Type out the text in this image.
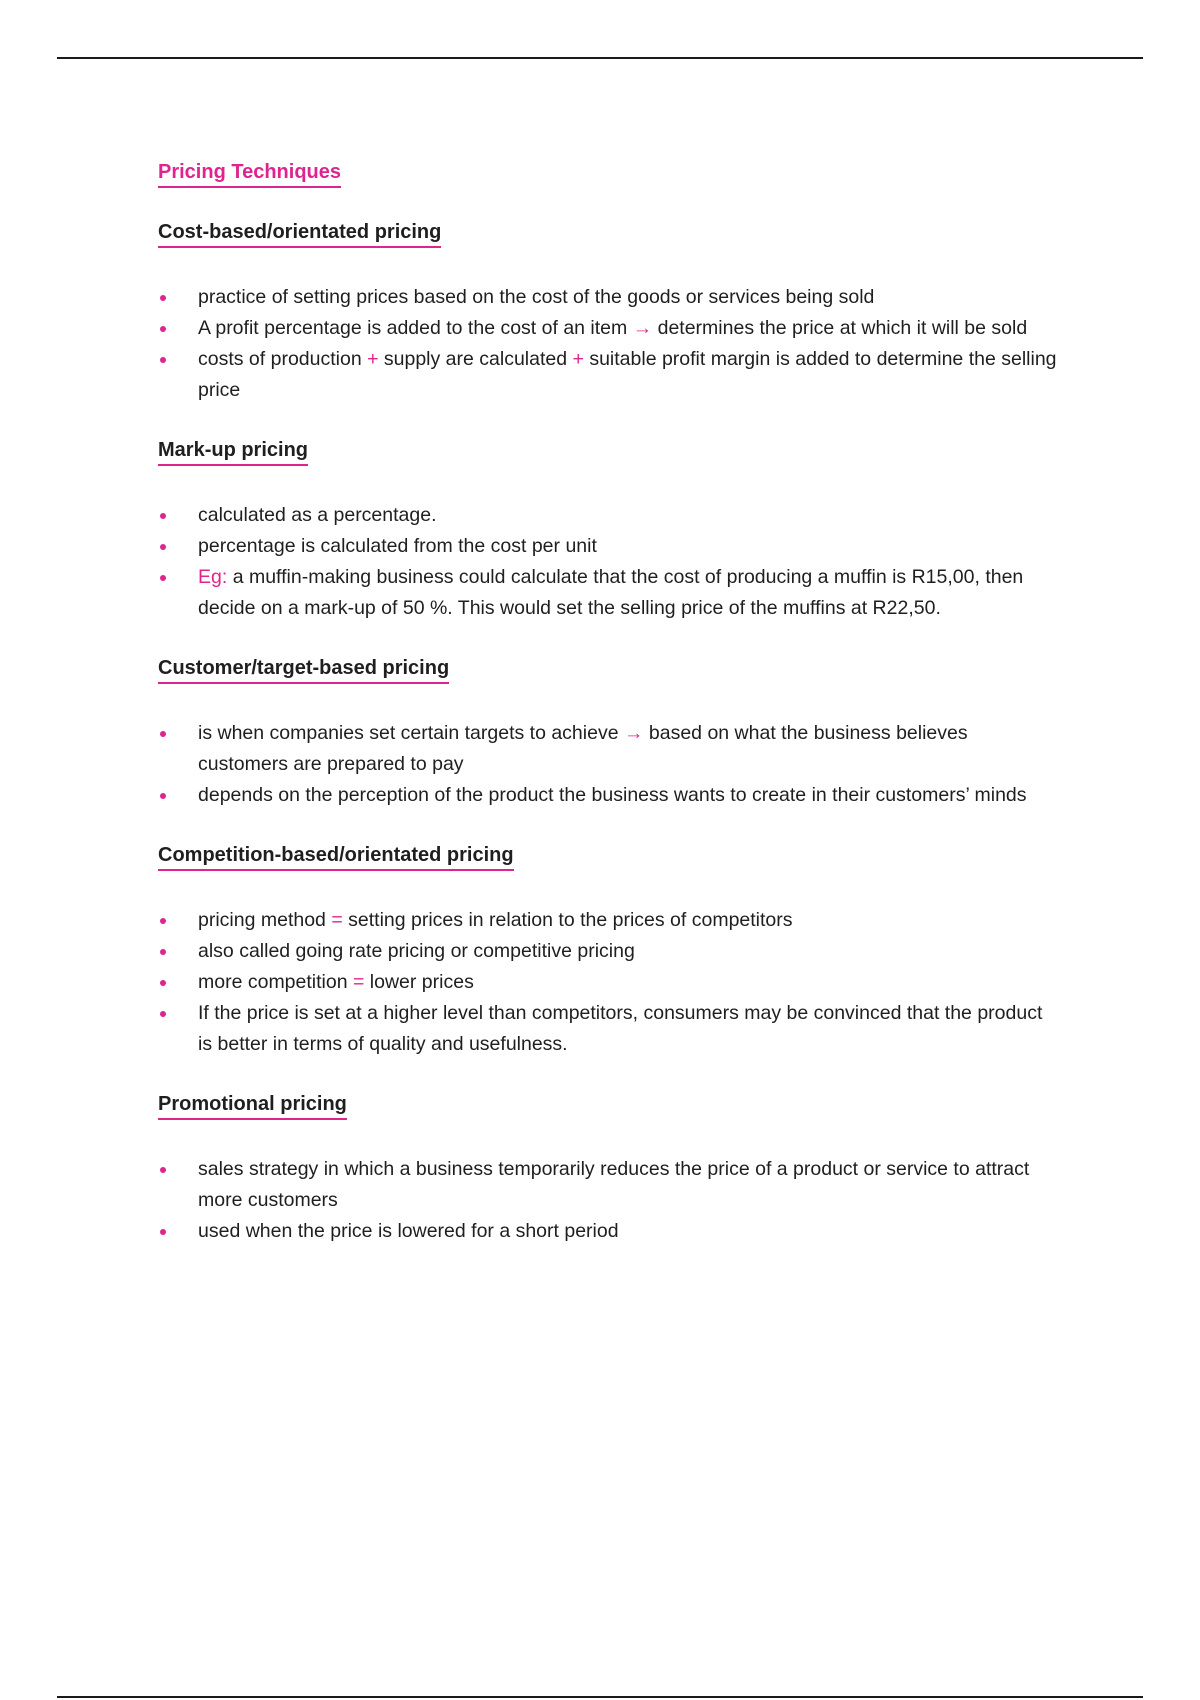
Pricing Techniques
Cost-based/orientated pricing
practice of setting prices based on the cost of the goods or services being sold
A profit percentage is added to the cost of an item → determines the price at which it will be sold
costs of production + supply are calculated + suitable profit margin is added to determine the selling price
Mark-up pricing
calculated as a percentage.
percentage is calculated from the cost per unit
Eg: a muffin-making business could calculate that the cost of producing a muffin is R15,00, then decide on a mark-up of 50 %. This would set the selling price of the muffins at R22,50.
Customer/target-based pricing
is when companies set certain targets to achieve → based on what the business believes customers are prepared to pay
depends on the perception of the product the business wants to create in their customers’ minds
Competition-based/orientated pricing
pricing method = setting prices in relation to the prices of competitors
also called going rate pricing or competitive pricing
more competition = lower prices
If the price is set at a higher level than competitors, consumers may be convinced that the product is better in terms of quality and usefulness.
Promotional pricing
sales strategy in which a business temporarily reduces the price of a product or service to attract more customers
used when the price is lowered for a short period
